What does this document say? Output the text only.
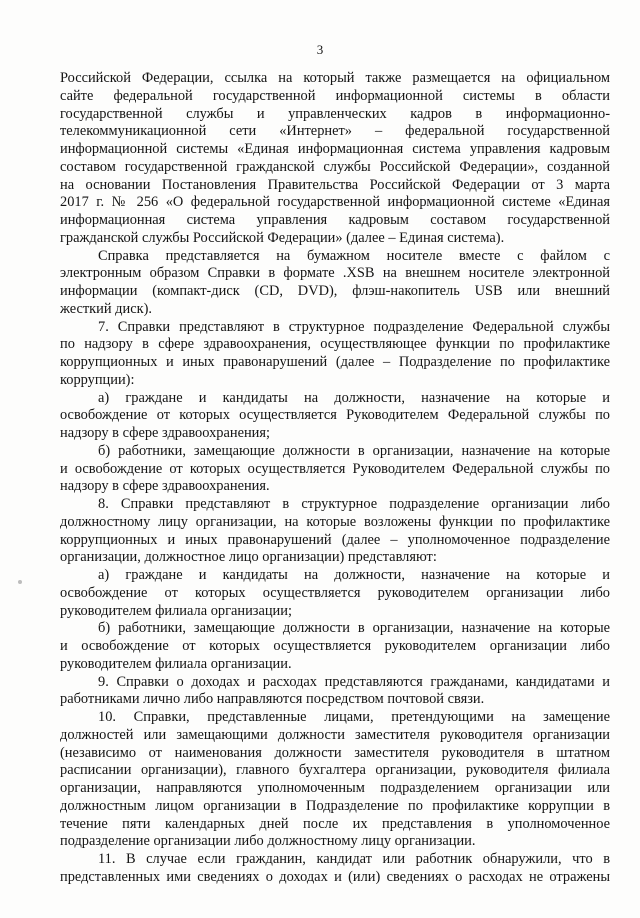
3
Российской Федерации, ссылка на который также размещается на официальном
сайте федеральной государственной информационной системы в области
государственной службы и управленческих кадров в информационно-
телекоммуникационной сети «Интернет» – федеральной государственной
информационной системы «Единая информационная система управления кадровым
составом государственной гражданской службы Российской Федерации», созданной
на основании Постановления Правительства Российской Федерации от 3 марта
2017 г. № 256 «О федеральной государственной информационной системе «Единая
информационная система управления кадровым составом государственной
гражданской службы Российской Федерации» (далее – Единая система).
Справка представляется на бумажном носителе вместе с файлом с
электронным образом Справки в формате .XSB на внешнем носителе электронной
информации (компакт-диск (CD, DVD), флэш-накопитель USB или внешний
жесткий диск).
7. Справки представляют в структурное подразделение Федеральной службы
по надзору в сфере здравоохранения, осуществляющее функции по профилактике
коррупционных и иных правонарушений (далее – Подразделение по профилактике
коррупции):
а) граждане и кандидаты на должности, назначение на которые и
освобождение от которых осуществляется Руководителем Федеральной службы по
надзору в сфере здравоохранения;
б) работники, замещающие должности в организации, назначение на которые
и освобождение от которых осуществляется Руководителем Федеральной службы по
надзору в сфере здравоохранения.
8. Справки представляют в структурное подразделение организации либо
должностному лицу организации, на которые возложены функции по профилактике
коррупционных и иных правонарушений (далее – уполномоченное подразделение
организации, должностное лицо организации) представляют:
а) граждане и кандидаты на должности, назначение на которые и
освобождение от которых осуществляется руководителем организации либо
руководителем филиала организации;
б) работники, замещающие должности в организации, назначение на которые
и освобождение от которых осуществляется руководителем организации либо
руководителем филиала организации.
9. Справки о доходах и расходах представляются гражданами, кандидатами и
работниками лично либо направляются посредством почтовой связи.
10. Справки, представленные лицами, претендующими на замещение
должностей или замещающими должности заместителя руководителя организации
(независимо от наименования должности заместителя руководителя в штатном
расписании организации), главного бухгалтера организации, руководителя филиала
организации, направляются уполномоченным подразделением организации или
должностным лицом организации в Подразделение по профилактике коррупции в
течение пяти календарных дней после их представления в уполномоченное
подразделение организации либо должностному лицу организации.
11. В случае если гражданин, кандидат или работник обнаружили, что в
представленных ими сведениях о доходах и (или) сведениях о расходах не отражены
